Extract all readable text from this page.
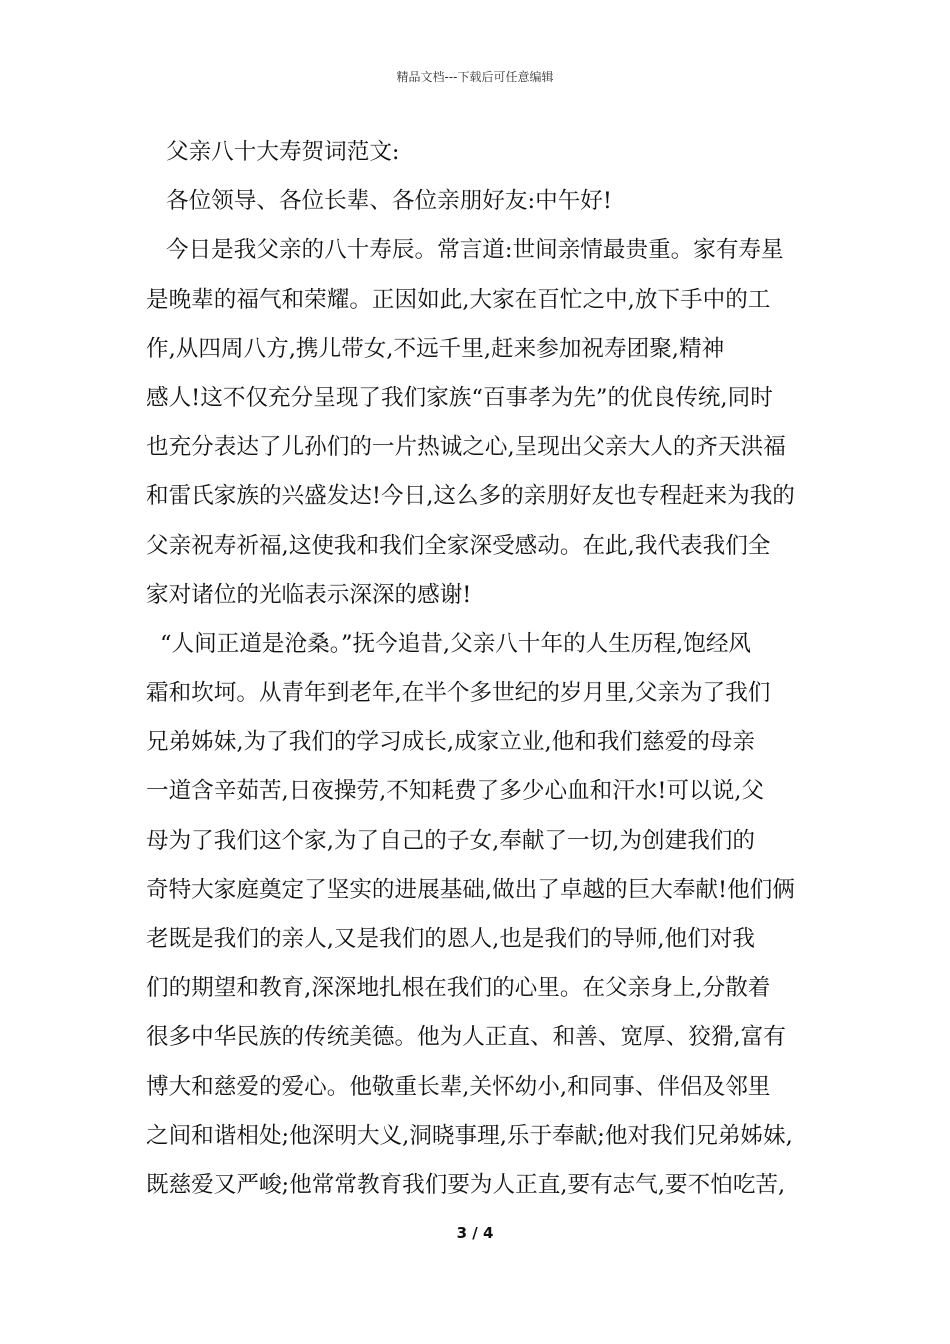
精品文档---下载后可任意编辑
父亲八十大寿贺词范文:
各位领导、各位长辈、各位亲朋好友:中午好!
今日是我父亲的八十寿辰。常言道:世间亲情最贵重。家有寿星
是晚辈的福气和荣耀。正因如此,大家在百忙之中,放下手中的工
作,从四周八方,携儿带女,不远千里,赶来参加祝寿团聚,精神
感人!这不仅充分呈现了我们家族“百事孝为先”的优良传统,同时
也充分表达了儿孙们的一片热诚之心,呈现出父亲大人的齐天洪福
和雷氏家族的兴盛发达!今日,这么多的亲朋好友也专程赶来为我的
父亲祝寿祈福,这使我和我们全家深受感动。在此,我代表我们全
家对诸位的光临表示深深的感谢!
“人间正道是沧桑。”抚今追昔,父亲八十年的人生历程,饱经风
霜和坎坷。从青年到老年,在半个多世纪的岁月里,父亲为了我们
兄弟姊妹,为了我们的学习成长,成家立业,他和我们慈爱的母亲
一道含辛茹苦,日夜操劳,不知耗费了多少心血和汗水!可以说,父
母为了我们这个家,为了自己的子女,奉献了一切,为创建我们的
奇特大家庭奠定了坚实的进展基础,做出了卓越的巨大奉献!他们俩
老既是我们的亲人,又是我们的恩人,也是我们的导师,他们对我
们的期望和教育,深深地扎根在我们的心里。在父亲身上,分散着
很多中华民族的传统美德。他为人正直、和善、宽厚、狡猾,富有
博大和慈爱的爱心。他敬重长辈,关怀幼小,和同事、伴侣及邻里
之间和谐相处;他深明大义,洞晓事理,乐于奉献;他对我们兄弟姊妹,
既慈爱又严峻;他常常教育我们要为人正直,要有志气,要不怕吃苦,
3 / 4
